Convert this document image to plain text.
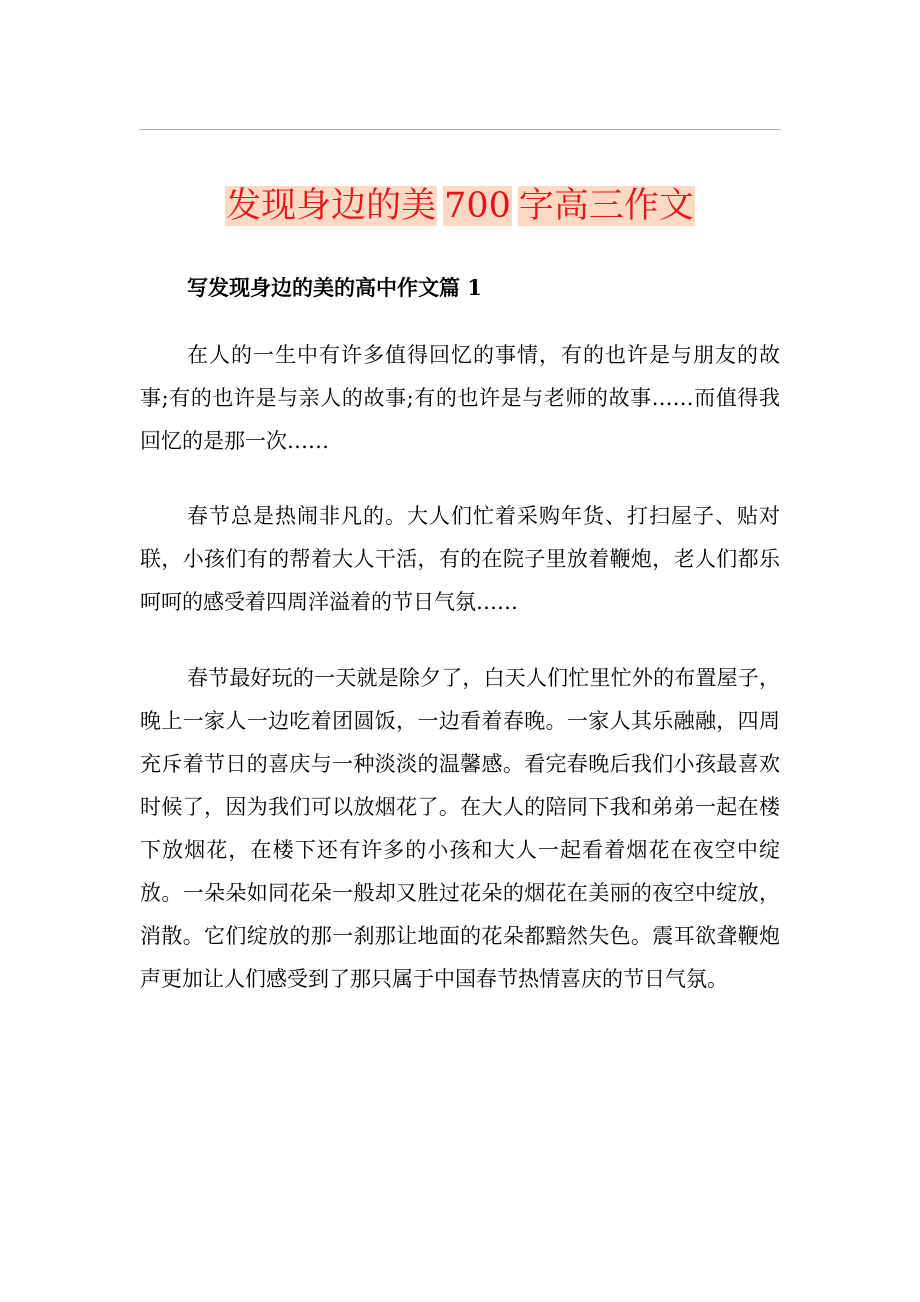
发现身边的美 700 字高三作文
写发现身边的美的高中作文篇 1

在人的一生中有许多值得回忆的事情，有的也许是与朋友的故事;有的也许是与亲人的故事;有的也许是与老师的故事……而值得我回忆的是那一次……

春节总是热闹非凡的。大人们忙着采购年货、打扫屋子、贴对联，小孩们有的帮着大人干活，有的在院子里放着鞭炮，老人们都乐呵呵的感受着四周洋溢着的节日气氛……

春节最好玩的一天就是除夕了，白天人们忙里忙外的布置屋子，晚上一家人一边吃着团圆饭，一边看着春晚。一家人其乐融融，四周充斥着节日的喜庆与一种淡淡的温馨感。看完春晚后我们小孩最喜欢时候了，因为我们可以放烟花了。在大人的陪同下我和弟弟一起在楼下放烟花，在楼下还有许多的小孩和大人一起看着烟花在夜空中绽放。一朵朵如同花朵一般却又胜过花朵的烟花在美丽的夜空中绽放，消散。它们绽放的那一刹那让地面的花朵都黯然失色。震耳欲聋鞭炮声更加让人们感受到了那只属于中国春节热情喜庆的节日气氛。
